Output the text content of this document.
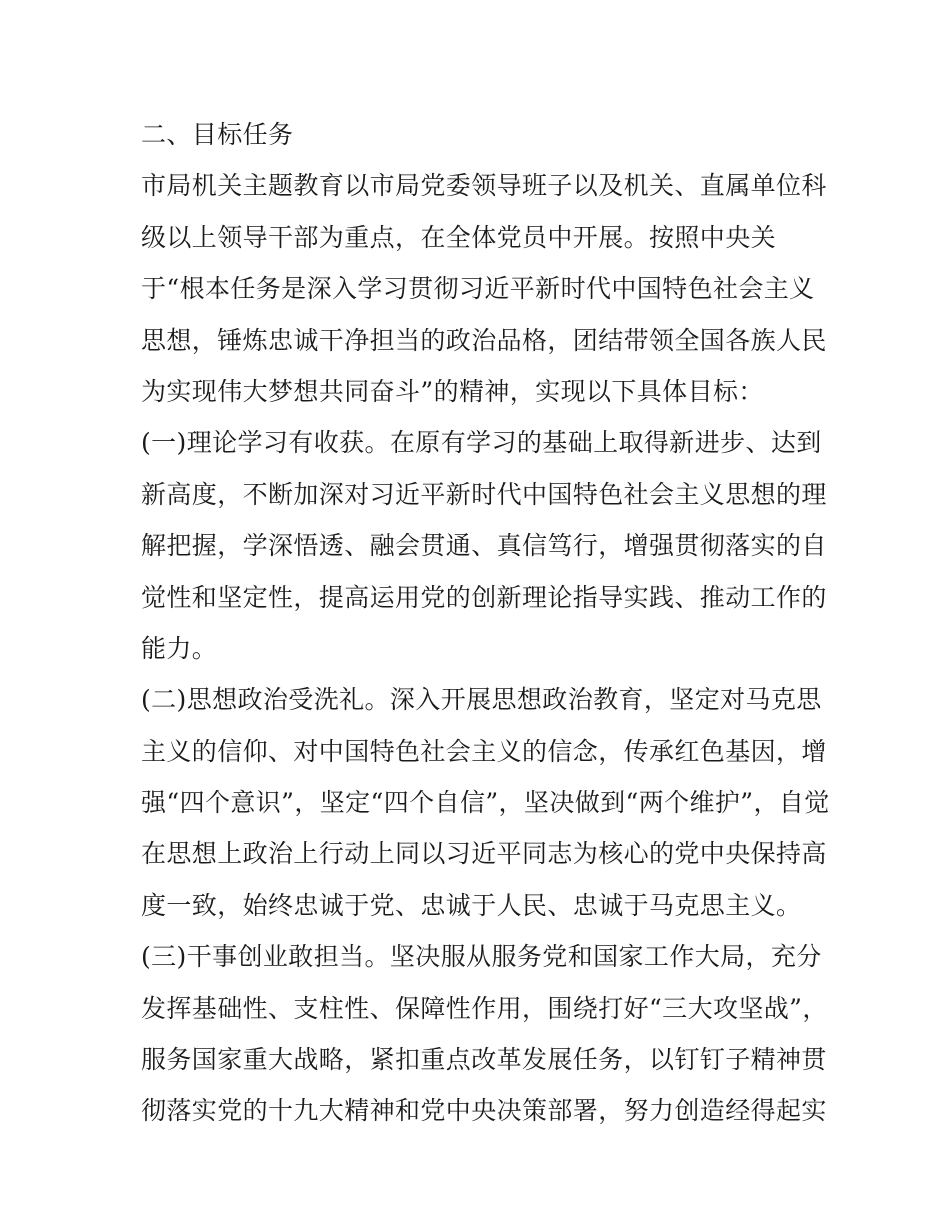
二、目标任务
市局机关主题教育以市局党委领导班子以及机关、直属单位科
级以上领导干部为重点，在全体党员中开展。按照中央关
于“根本任务是深入学习贯彻习近平新时代中国特色社会主义
思想，锤炼忠诚干净担当的政治品格，团结带领全国各族人民
为实现伟大梦想共同奋斗”的精神，实现以下具体目标：
(一)理论学习有收获。在原有学习的基础上取得新进步、达到
新高度，不断加深对习近平新时代中国特色社会主义思想的理
解把握，学深悟透、融会贯通、真信笃行，增强贯彻落实的自
觉性和坚定性，提高运用党的创新理论指导实践、推动工作的
能力。
(二)思想政治受洗礼。深入开展思想政治教育，坚定对马克思
主义的信仰、对中国特色社会主义的信念，传承红色基因，增
强“四个意识”，坚定“四个自信”，坚决做到“两个维护”，自觉
在思想上政治上行动上同以习近平同志为核心的党中央保持高
度一致，始终忠诚于党、忠诚于人民、忠诚于马克思主义。
(三)干事创业敢担当。坚决服从服务党和国家工作大局，充分
发挥基础性、支柱性、保障性作用，围绕打好“三大攻坚战”，
服务国家重大战略，紧扣重点改革发展任务，以钉钉子精神贯
彻落实党的十九大精神和党中央决策部署，努力创造经得起实
